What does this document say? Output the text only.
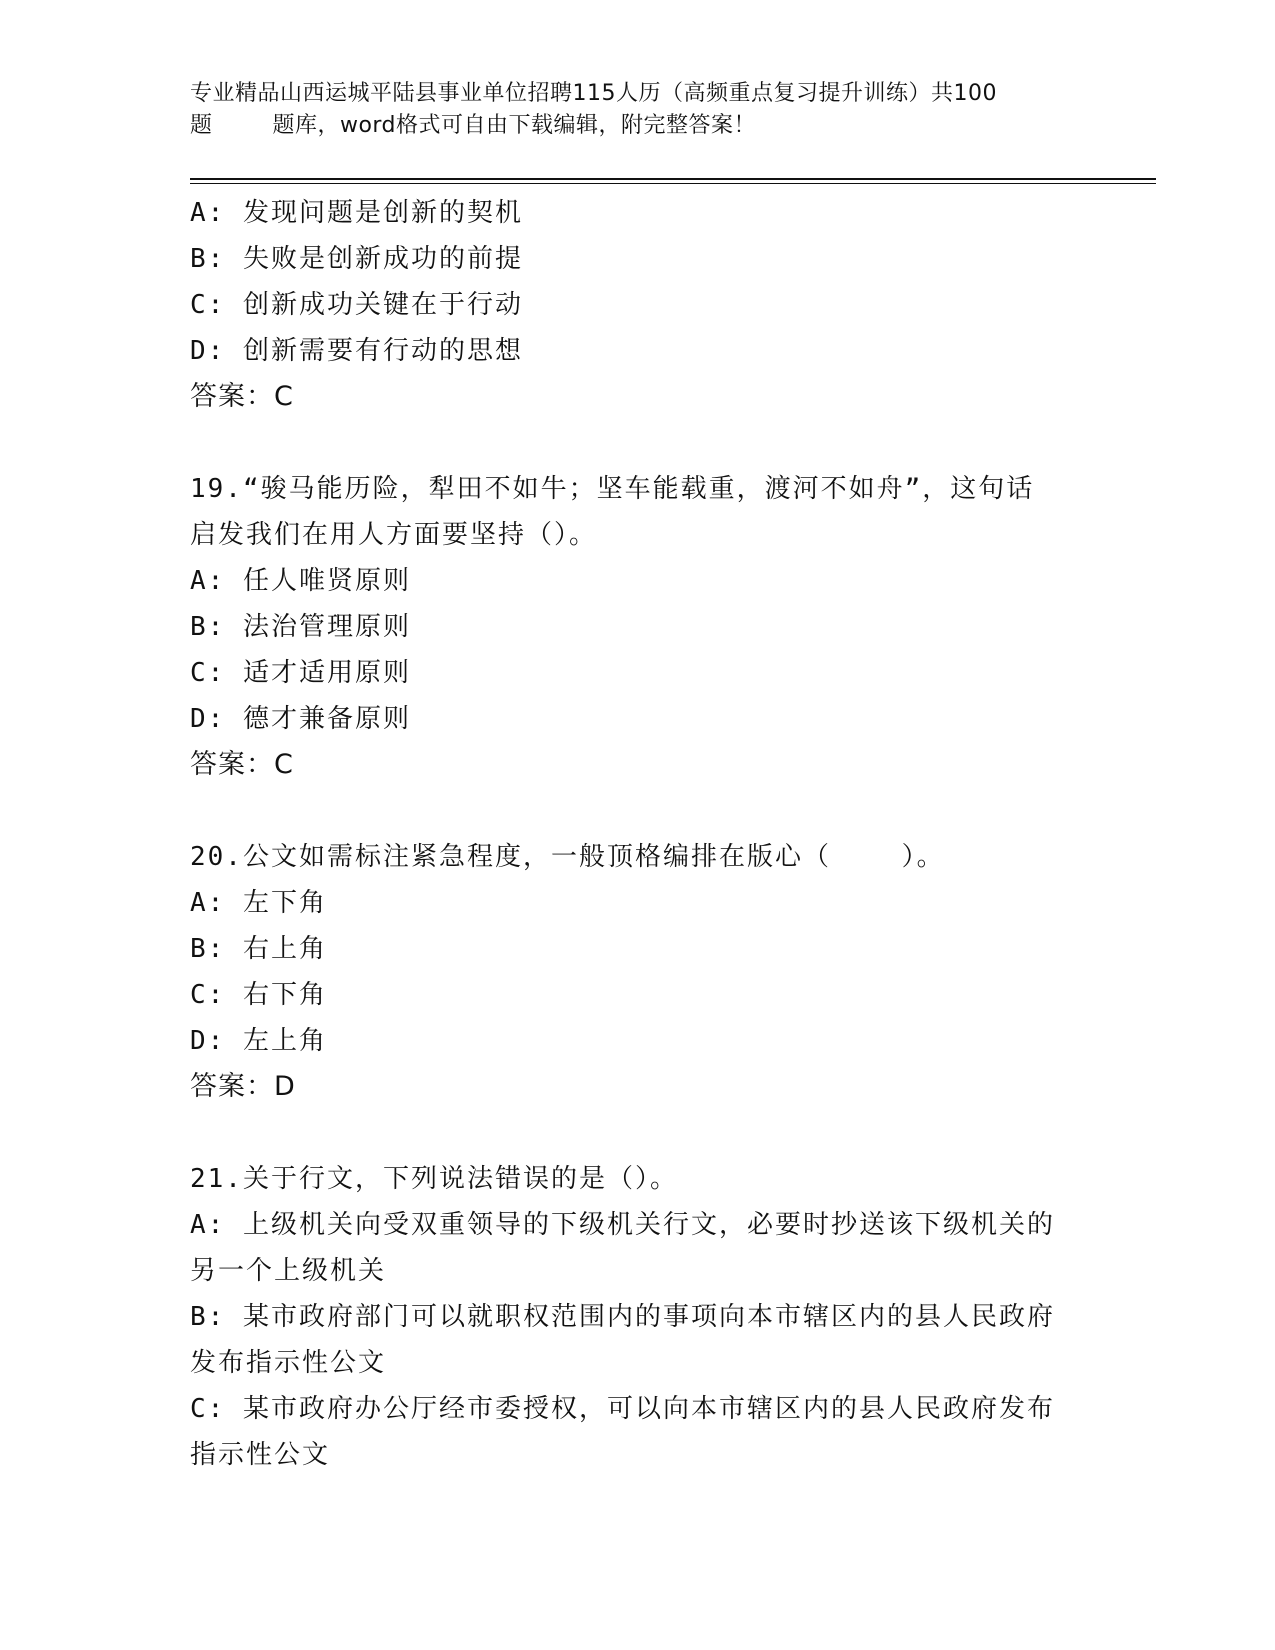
专业精品山西运城平陆县事业单位招聘115人历（高频重点复习提升训练）共100
题        题库，word格式可自由下载编辑，附完整答案！
A: 发现问题是创新的契机
B: 失败是创新成功的前提
C: 创新成功关键在于行动
D: 创新需要有行动的思想
答案：C
19.“骏马能历险，犁田不如牛；坚车能载重，渡河不如舟”，这句话
启发我们在用人方面要坚持（）。
A: 任人唯贤原则
B: 法治管理原则
C: 适才适用原则
D: 德才兼备原则
答案：C
20.公文如需标注紧急程度，一般顶格编排在版心（    ）。
A: 左下角
B: 右上角
C: 右下角
D: 左上角
答案：D
21.关于行文，下列说法错误的是（）。
A: 上级机关向受双重领导的下级机关行文，必要时抄送该下级机关的
另一个上级机关
B: 某市政府部门可以就职权范围内的事项向本市辖区内的县人民政府
发布指示性公文
C: 某市政府办公厅经市委授权，可以向本市辖区内的县人民政府发布
指示性公文
